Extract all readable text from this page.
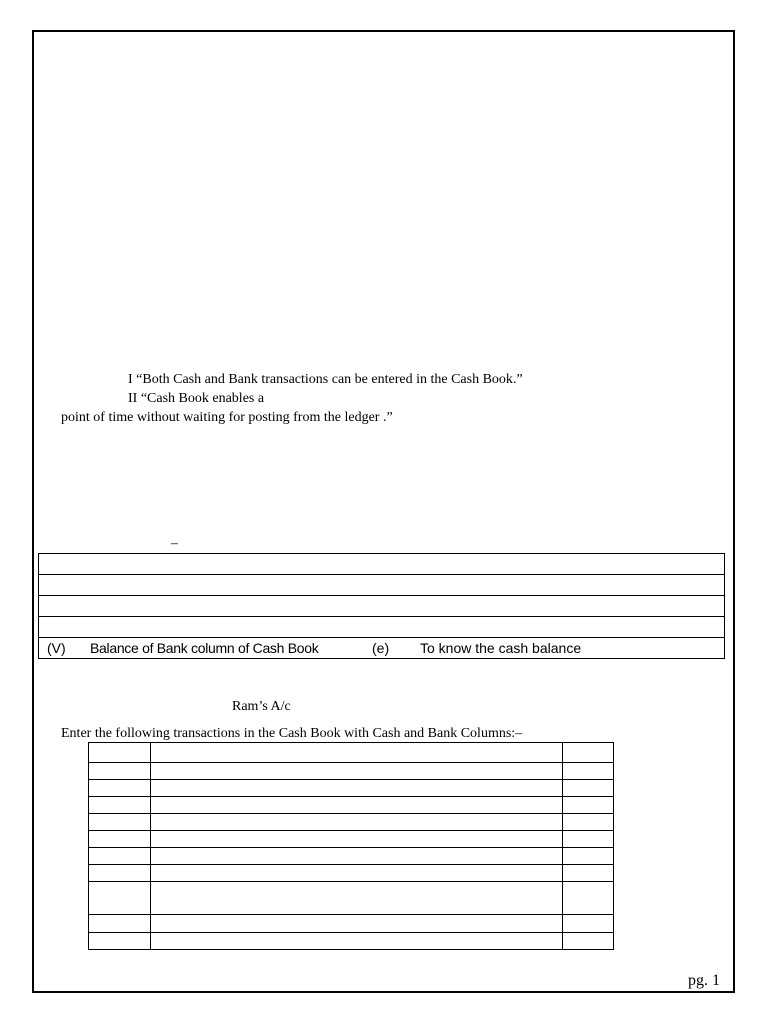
I “Both Cash and Bank transactions can be entered in the Cash Book.”
II “Cash Book enables a
point of time without waiting for posting from the ledger .”
–

(V) Balance of Bank column of Cash Book	(e) To know the cash balance
Ram’s A/c
Enter the following transactions in the Cash Book with Cash and Bank Columns:–

pg. 1
